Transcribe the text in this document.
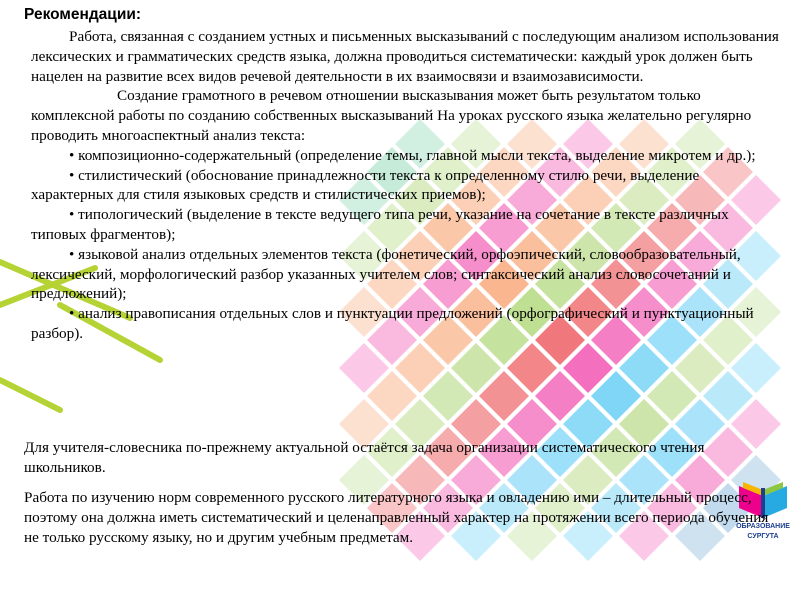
Рекомендации:

Работа, связанная с созданием устных и письменных высказываний с последующим анализом использования лексических и грамматических средств языка, должна проводиться систематически: каждый урок должен быть нацелен на развитие всех видов речевой деятельности в их взаимосвязи и взаимозависимости.

Создание грамотного в речевом отношении высказывания может быть результатом только комплексной работы по созданию собственных высказываний На уроках русского языка желательно регулярно проводить многоаспектный анализ текста:

• композиционно-содержательный (определение темы, главной мысли текста, выделение микротем и др.);

• стилистический (обоснование принадлежности текста к определенному стилю речи, выделение характерных для стиля языковых средств и стилистических приемов);

• типологический (выделение в тексте ведущего типа речи, указание на сочетание в тексте различных типовых фрагментов);

• языковой анализ отдельных элементов текста (фонетический, орфоэпический, словообразовательный, лексический, морфологический разбор указанных учителем слов; синтаксический анализ словосочетаний и предложений);

• анализ правописания отдельных слов и пунктуации предложений (орфографический и пунктуационный разбор).

Для учителя-словесника по-прежнему актуальной остаётся задача организации систематического чтения школьников.
Работа по изучению норм современного русского литературного языка и овладению ими – длительный процесс, поэтому она должна иметь систематический и целенаправленный характер на протяжении всего периода обучения не только русскому языку, но и другим учебным предметам.
ОБРАЗОВАНИЕ
СУРГУТА
